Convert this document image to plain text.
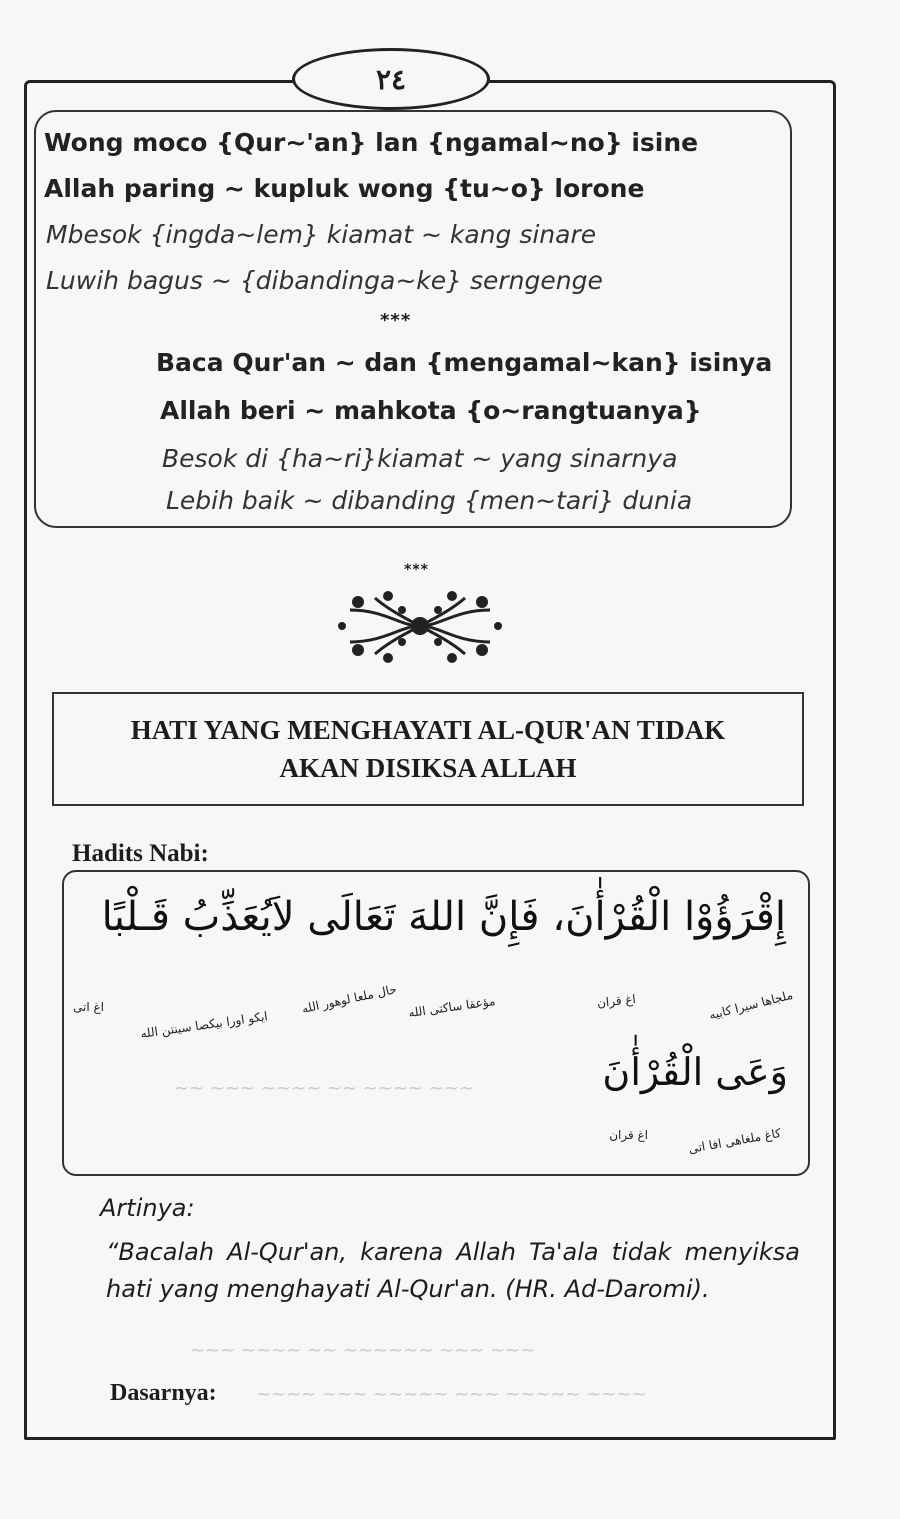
٢٤
Wong moco {Qur~'an} lan {ngamal~no} isine
Allah paring ~ kupluk wong {tu~o} lorone
Mbesok {ingda~lem} kiamat ~ kang sinare
Luwih bagus ~ {dibandinga~ke} serngenge
***
Baca Qur'an ~ dan {mengamal~kan} isinya
Allah beri ~ mahkota {o~rangtuanya}
Besok di {ha~ri}kiamat ~ yang sinarnya
Lebih baik ~ dibanding {men~tari} dunia
***
HATI YANG MENGHAYATI AL-QUR'AN TIDAK
AKAN DISIKSA ALLAH
Hadits Nabi:
إِقْرَؤُوْا الْقُرْأٰنَ، فَإِنَّ اللهَ تَعَالَى لاَيُعَذِّبُ قَـلْبًا
اغ اتى
ايكو اورا بيكصا سينتن الله
حال ملعا لوهور الله مؤعقا ساكتى الله	اغ قران	ملجاها سيرا كابيه
وَعَى الْقُرْأٰنَ
اغ قران	كاغ ملغاهى افا اتى
~~ ~~~ ~~~~ ~~ ~~~~ ~~~
Artinya:
“Bacalah Al-Qur'an, karena Allah Ta'ala tidak menyiksa hati yang menghayati Al-Qur'an. (HR. Ad-Daromi).
~~~ ~~~~ ~~ ~~~~~~ ~~~ ~~~
Dasarnya: ~~~~ ~~~ ~~~~~ ~~~ ~~~~~ ~~~~
